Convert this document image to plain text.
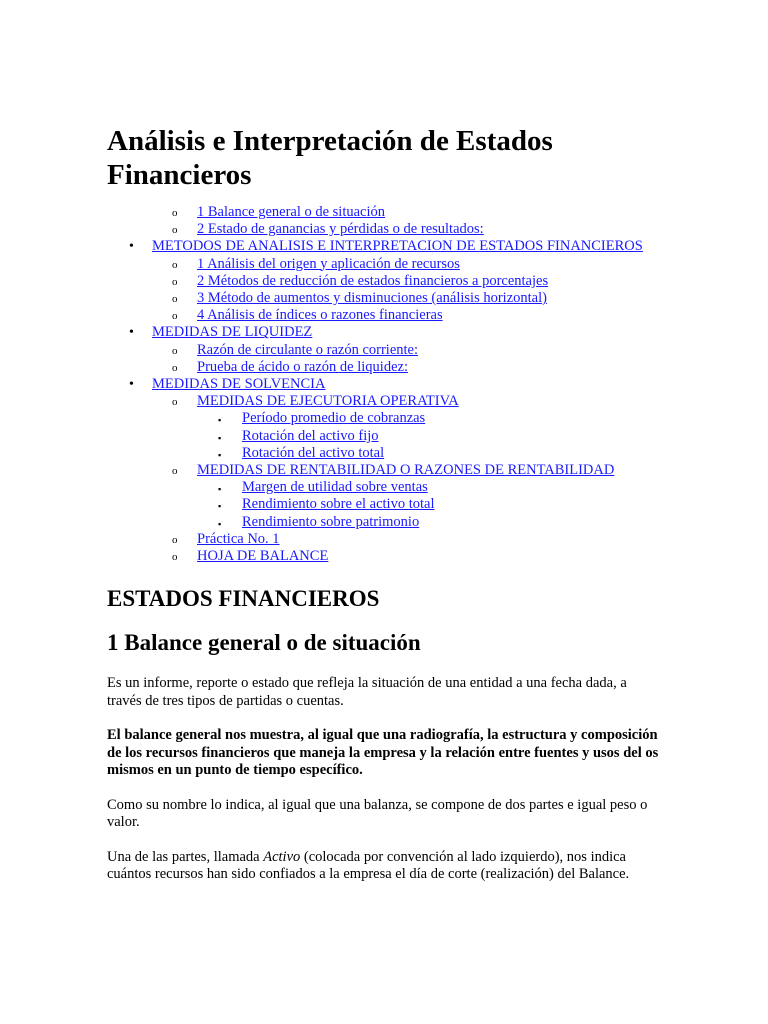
Análisis e Interpretación de Estados Financieros
o 1 Balance general o de situación
o 2 Estado de ganancias y pérdidas o de resultados:
• METODOS DE ANALISIS E INTERPRETACION DE ESTADOS FINANCIEROS
o 1 Análisis del origen y aplicación de recursos
o 2 Métodos de reducción de estados financieros a porcentajes
o 3 Método de aumentos y disminuciones (análisis horizontal)
o 4 Análisis de índices o razones financieras
• MEDIDAS DE LIQUIDEZ
o Razón de circulante o razón corriente:
o Prueba de ácido o razón de liquidez:
• MEDIDAS DE SOLVENCIA
o MEDIDAS DE EJECUTORIA OPERATIVA
▪ Período promedio de cobranzas
▪ Rotación del activo fijo
▪ Rotación del activo total
o MEDIDAS DE RENTABILIDAD O RAZONES DE RENTABILIDAD
▪ Margen de utilidad sobre ventas
▪ Rendimiento sobre el activo total
▪ Rendimiento sobre patrimonio
o Práctica No. 1
o HOJA DE BALANCE
ESTADOS FINANCIEROS
1 Balance general o de situación

Es un informe, reporte o estado que refleja la situación de una entidad a una fecha dada, a través de tres tipos de partidas o cuentas.

El balance general nos muestra, al igual que una radiografía, la estructura y composición de los recursos financieros que maneja la empresa y la relación entre fuentes y usos del os mismos en un punto de tiempo específico.

Como su nombre lo indica, al igual que una balanza, se compone de dos partes e igual peso o valor.

Una de las partes, llamada Activo (colocada por convención al lado izquierdo), nos indica cuántos recursos han sido confiados a la empresa el día de corte (realización) del Balance.
